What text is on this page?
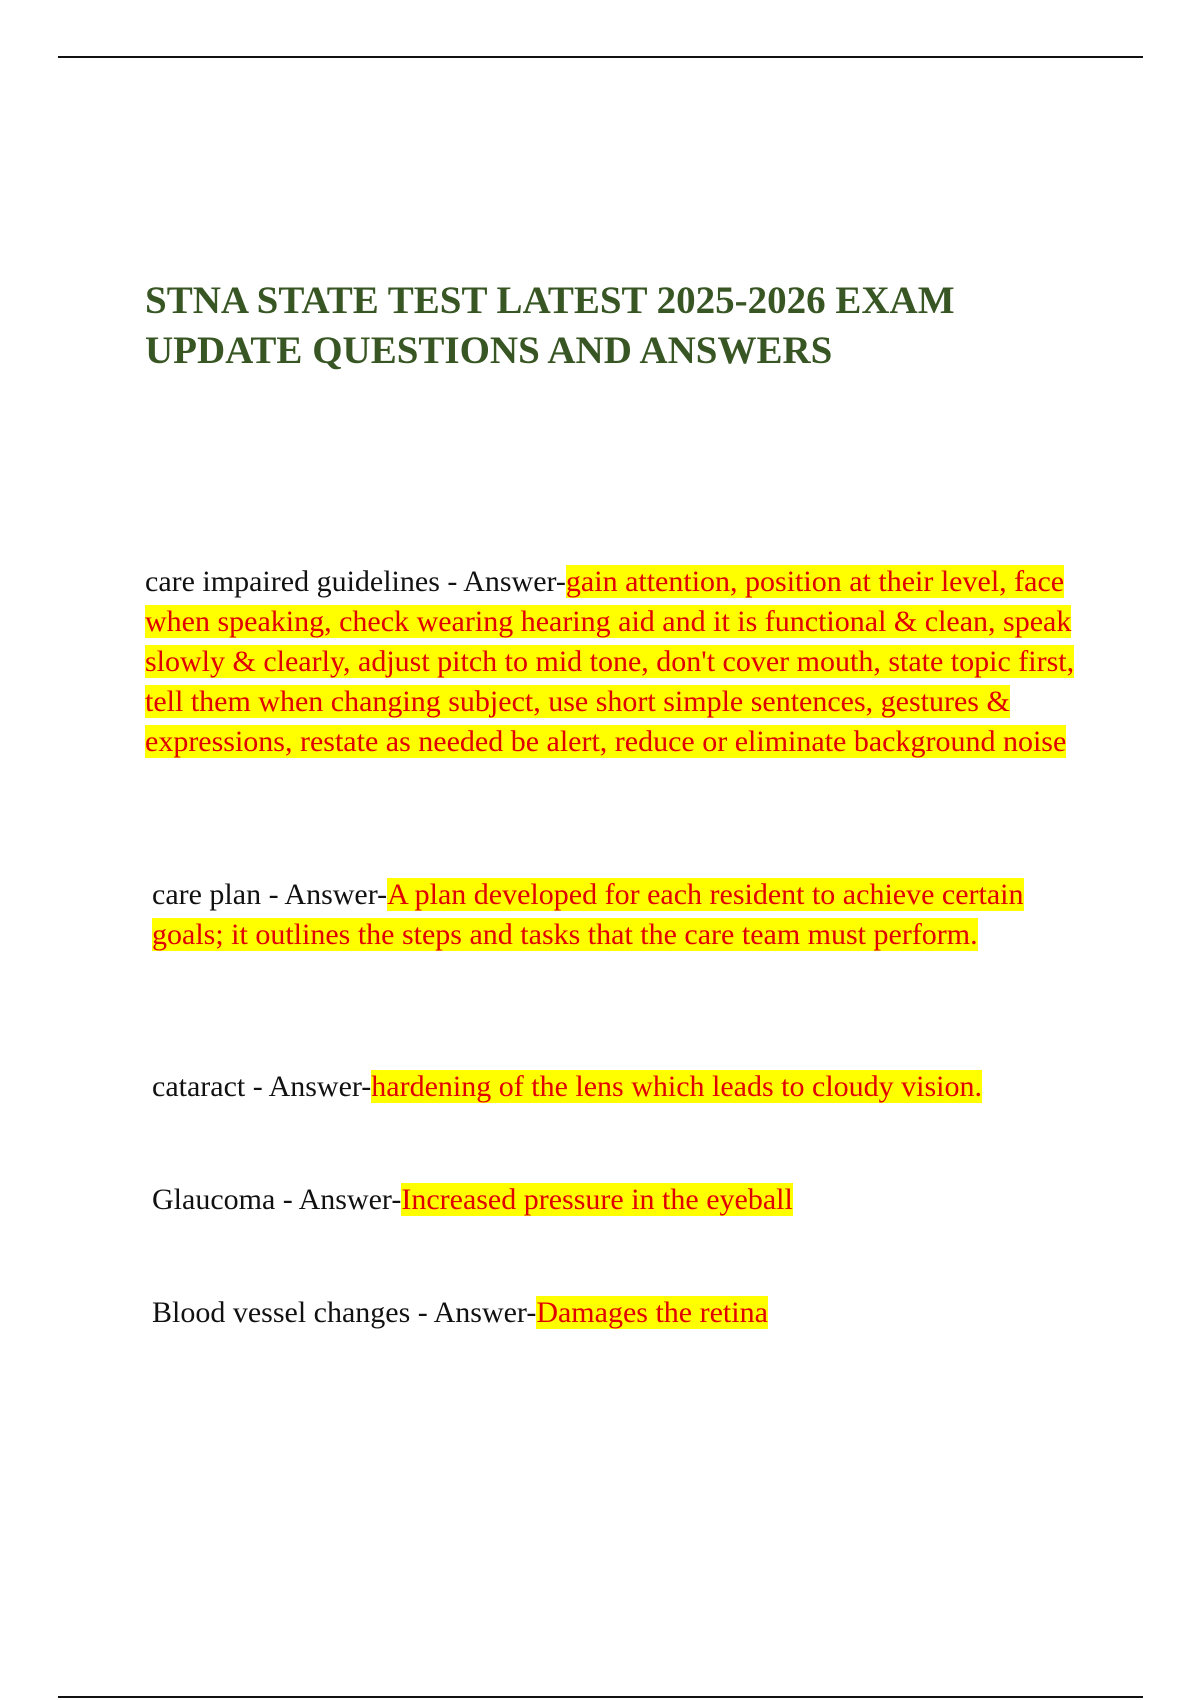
STNA STATE TEST LATEST 2025-2026 EXAM UPDATE QUESTIONS AND ANSWERS

care impaired guidelines - Answer-gain attention, position at their level, face when speaking, check wearing hearing aid and it is functional & clean, speak slowly & clearly, adjust pitch to mid tone, don't cover mouth, state topic first, tell them when changing subject, use short simple sentences, gestures & expressions, restate as needed be alert, reduce or eliminate background noise

care plan - Answer-A plan developed for each resident to achieve certain goals; it outlines the steps and tasks that the care team must perform.

cataract - Answer-hardening of the lens which leads to cloudy vision.

Glaucoma - Answer-Increased pressure in the eyeball

Blood vessel changes - Answer-Damages the retina
